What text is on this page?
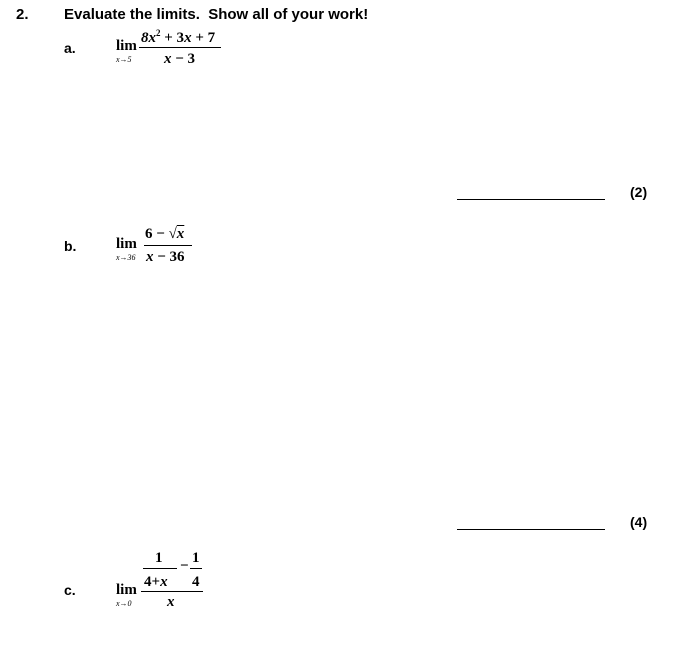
2. Evaluate the limits.  Show all of your work!
a.	lim
x→5
$8x^2 + 3x + 7$
x − 3
(2)
b.	lim
x→36
6 − √x
x − 36
(4)
c.	lim
x→0
1
4+x
− 1
4
x
